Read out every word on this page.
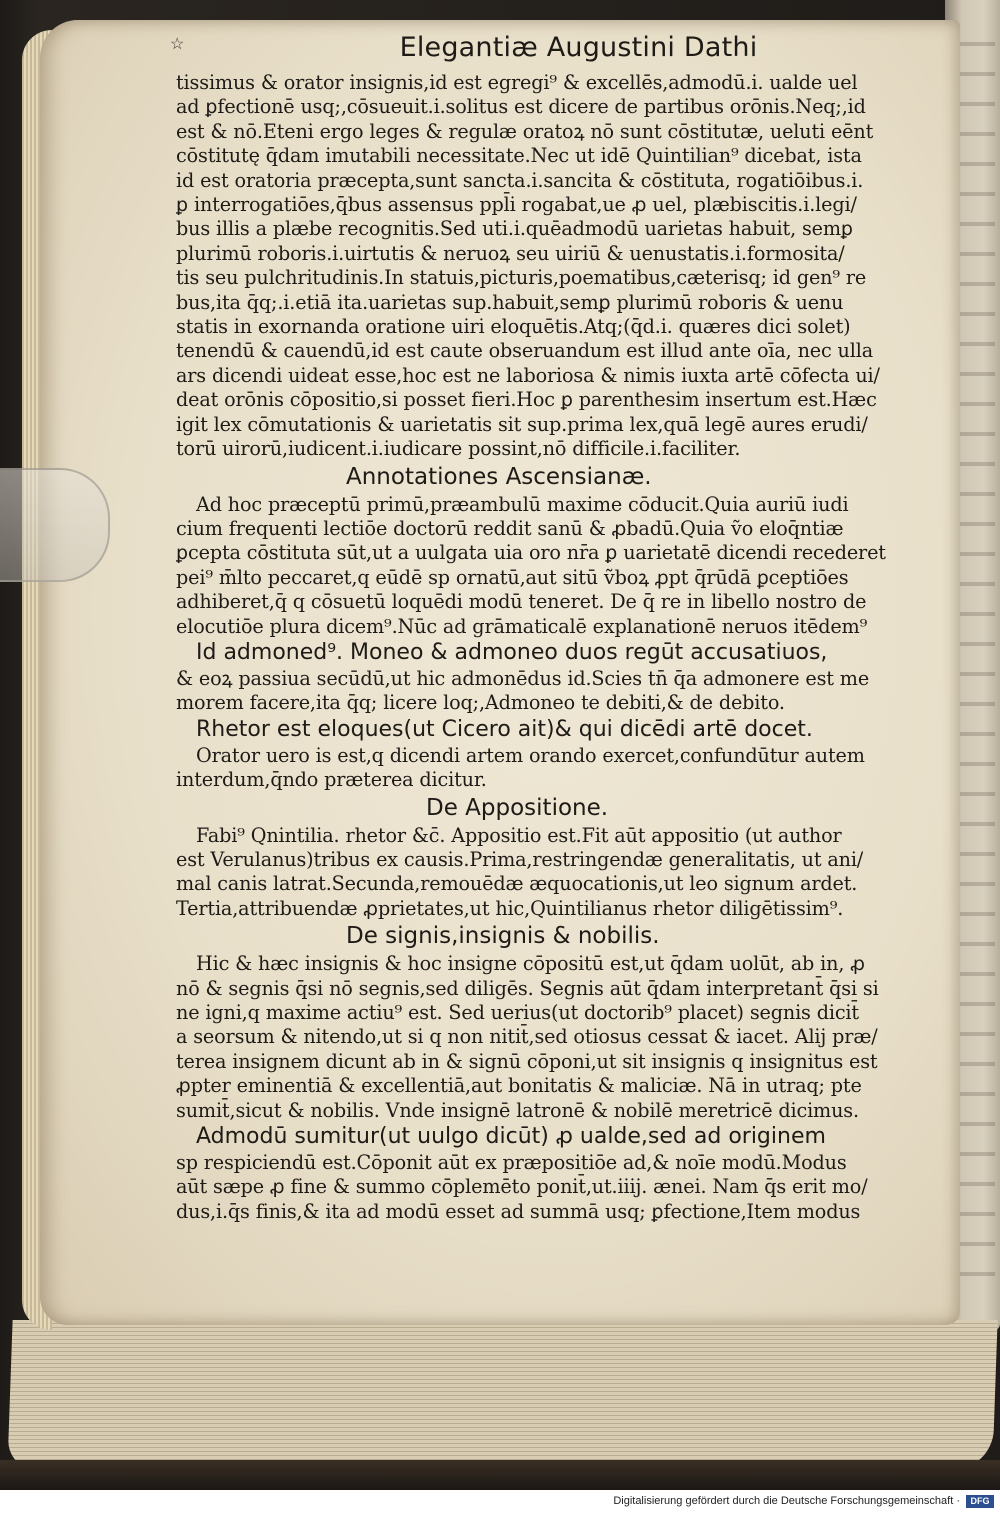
☆	Elegantiæ Augustini Dathi
tissimus & orator insignis,id est egregi⁹ & excellēs,admodū.i. ualde uel
ad ꝑfectionē usq;,cōsueuit.i.solitus est dicere de partibus orōnis.Neq;,id
est & nō.Eteni ergo leges & regulæ oratoꝝ nō sunt cōstitutæ, ueluti eēnt
cōstitutę q̄dam imutabili necessitate.Nec ut idē Quintilian⁹ dicebat, ista
id est oratoria præcepta,sunt sancta.i.sancita & cōstituta, rogatiōibus.i.
ꝑ interrogatiōes,q̄bus assensus ppl̄i rogabat,ue ꝓ uel, plæbiscitis.i.legi/
bus illis a plæbe recognitis.Sed uti.i.quēadmodū uarietas habuit, semꝑ
plurimū roboris.i.uirtutis & neruoꝝ seu uiriū & uenustatis.i.formosita/
tis seu pulchritudinis.In statuis,picturis,poematibus,cæterisq; id gen⁹ re
bus,ita q̄q;.i.etiā ita.uarietas sup.habuit,semꝑ plurimū roboris & uenu
statis in exornanda oratione uiri eloquētis.Atq;(q̄d.i. quæres dici solet)
tenendū & cauendū,id est caute obseruandum est illud ante oīa, nec ulla
ars dicendi uideat esse,hoc est ne laboriosa & nimis iuxta artē cōfecta ui/
deat orōnis cōpositio,si posset fieri.Hoc ꝑ parenthesim insertum est.Hæc
igit lex cōmutationis & uarietatis sit sup.prima lex,quā legē aures erudi/
torū uirorū,iudicent.i.iudicare possint,nō difficile.i.faciliter.
Annotationes Ascensianæ.
Ad hoc præceptū primū,præambulū maxime cōducit.Quia auriū iudi
cium frequenti lectiōe doctorū reddit sanū & ꝓbadū.Quia ṽo eloq̄ntiæ
ꝑcepta cōstituta sūt,ut a uulgata uia oro nr̄a ꝑ uarietatē dicendi recederet
pei⁹ m̄lto peccaret,q eūdē sp ornatū,aut sitū ṽboꝝ ꝓpt q̄rūdā ꝑceptiōes
adhiberet,q̄ q cōsuetū loquēdi modū teneret. De q̄ re in libello nostro de
elocutiōe plura dicem⁹.Nūc ad grāmaticalē explanationē neruos itēdem⁹
Id admoned⁹. Moneo & admoneo duos regūt accusatiuos,
& eoꝝ passiua secūdū,ut hic admonēdus id.Scies tn̄ q̄a admonere est me
morem facere,ita q̄q; licere loq;,Admoneo te debiti,& de debito.
Rhetor est eloques(ut Cicero ait)& qui dicēdi artē docet.
Orator uero is est,q dicendi artem orando exercet,confundūtur autem
interdum,q̄ndo præterea dicitur.
De Appositione.
Fabi⁹ Qnintilia. rhetor &c̄. Appositio est.Fit aūt appositio (ut author
est Verulanus)tribus ex causis.Prima,restringendæ generalitatis, ut ani/
mal canis latrat.Secunda,remouēdæ æquocationis,ut leo signum ardet.
Tertia,attribuendæ ꝓprietates,ut hic,Quintilianus rhetor diligētissim⁹.
De signis,insignis & nobilis.
Hic & hæc insignis & hoc insigne cōpositū est,ut q̄dam uolūt, ab in, ꝓ
nō & segnis q̄si nō segnis,sed diligēs. Segnis aūt q̄dam interpretant̄ q̄si si
ne igni,q maxime actiu⁹ est. Sed uerius(ut doctorib⁹ placet) segnis dicit̄
a seorsum & nitendo,ut si q non nitit̄,sed otiosus cessat & iacet. Alij præ/
terea insignem dicunt ab in & signū cōponi,ut sit insignis q insignitus est
ꝓpter eminentiā & excellentiā,aut bonitatis & maliciæ. Nā in utraq; pte
sumit̄,sicut & nobilis. Vnde insignē latronē & nobilē meretricē dicimus.
Admodū sumitur(ut uulgo dicūt) ꝓ ualde,sed ad originem
sp respiciendū est.Cōponit aūt ex præpositiōe ad,& noīe modū.Modus
aūt sæpe ꝓ fine & summo cōplemēto ponit̄,ut.iiij. ænei. Nam q̄s erit mo/
dus,i.q̄s finis,& ita ad modū esset ad summā usq; ꝑfectione,Item modus
Digitalisierung gefördert durch die Deutsche Forschungsgemeinschaft ·	DFG
